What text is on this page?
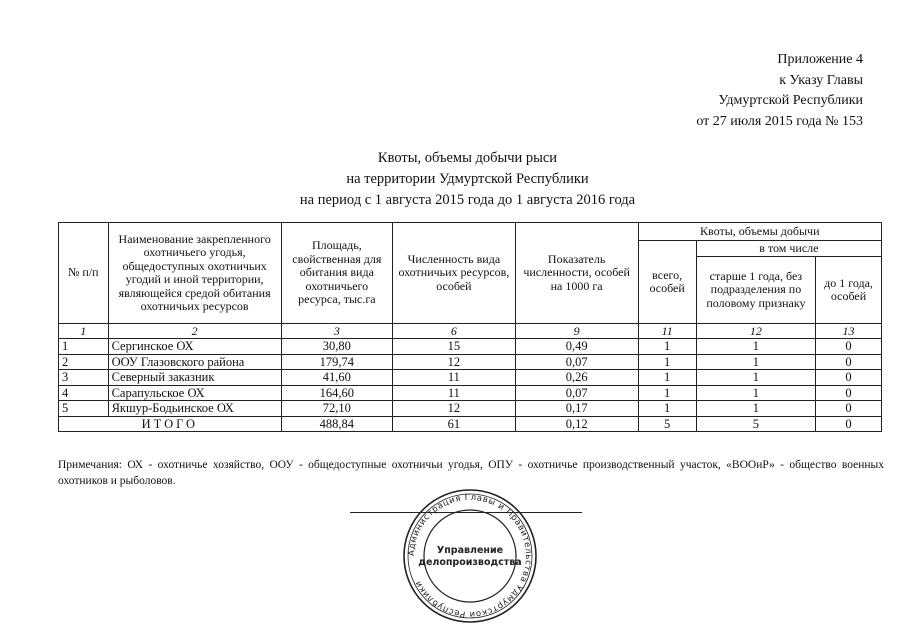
Приложение 4
к Указу Главы
Удмуртской Республики
от 27 июля 2015 года № 153
Квоты, объемы добычи рыси
на территории Удмуртской Республики
на период с 1 августа 2015 года до 1 августа 2016 года
№ п/п	Наименование закрепленного охотничьего угодья, общедоступных охотничьих угодий и иной территории, являющейся средой обитания охотничьих ресурсов	Площадь, свойственная для обитания вида охотничьего ресурса, тыс.га	Численность вида охотничьих ресурсов, особей	Показатель численности, особей на 1000 га	Квоты, объемы добычи		
					всего, особей	в том числе	
						старше 1 года, без подразделения по половому признаку	до 1 года, особей
1	2	3	6	9	11	12	13
1	Сергинское ОХ	30,80	15	0,49	1	1	0
2	ООУ Глазовского района	179,74	12	0,07	1	1	0
3	Северный заказник	41,60	11	0,26	1	1	0
4	Сарапульское ОХ	164,60	11	0,07	1	1	0
5	Якшур-Бодьинское ОХ	72,10	12	0,17	1	1	0
ИТОГО		488,84	61	0,12	5	5	0
Примечания: ОХ - охотничье хозяйство, ООУ - общедоступные охотничьи угодья, ОПУ - охотничье производственный участок, «ВООиР» - общество военных охотников и рыболовов.
Администрация Главы и Правительства Удмуртской Республики
Управление
делопроизводства
